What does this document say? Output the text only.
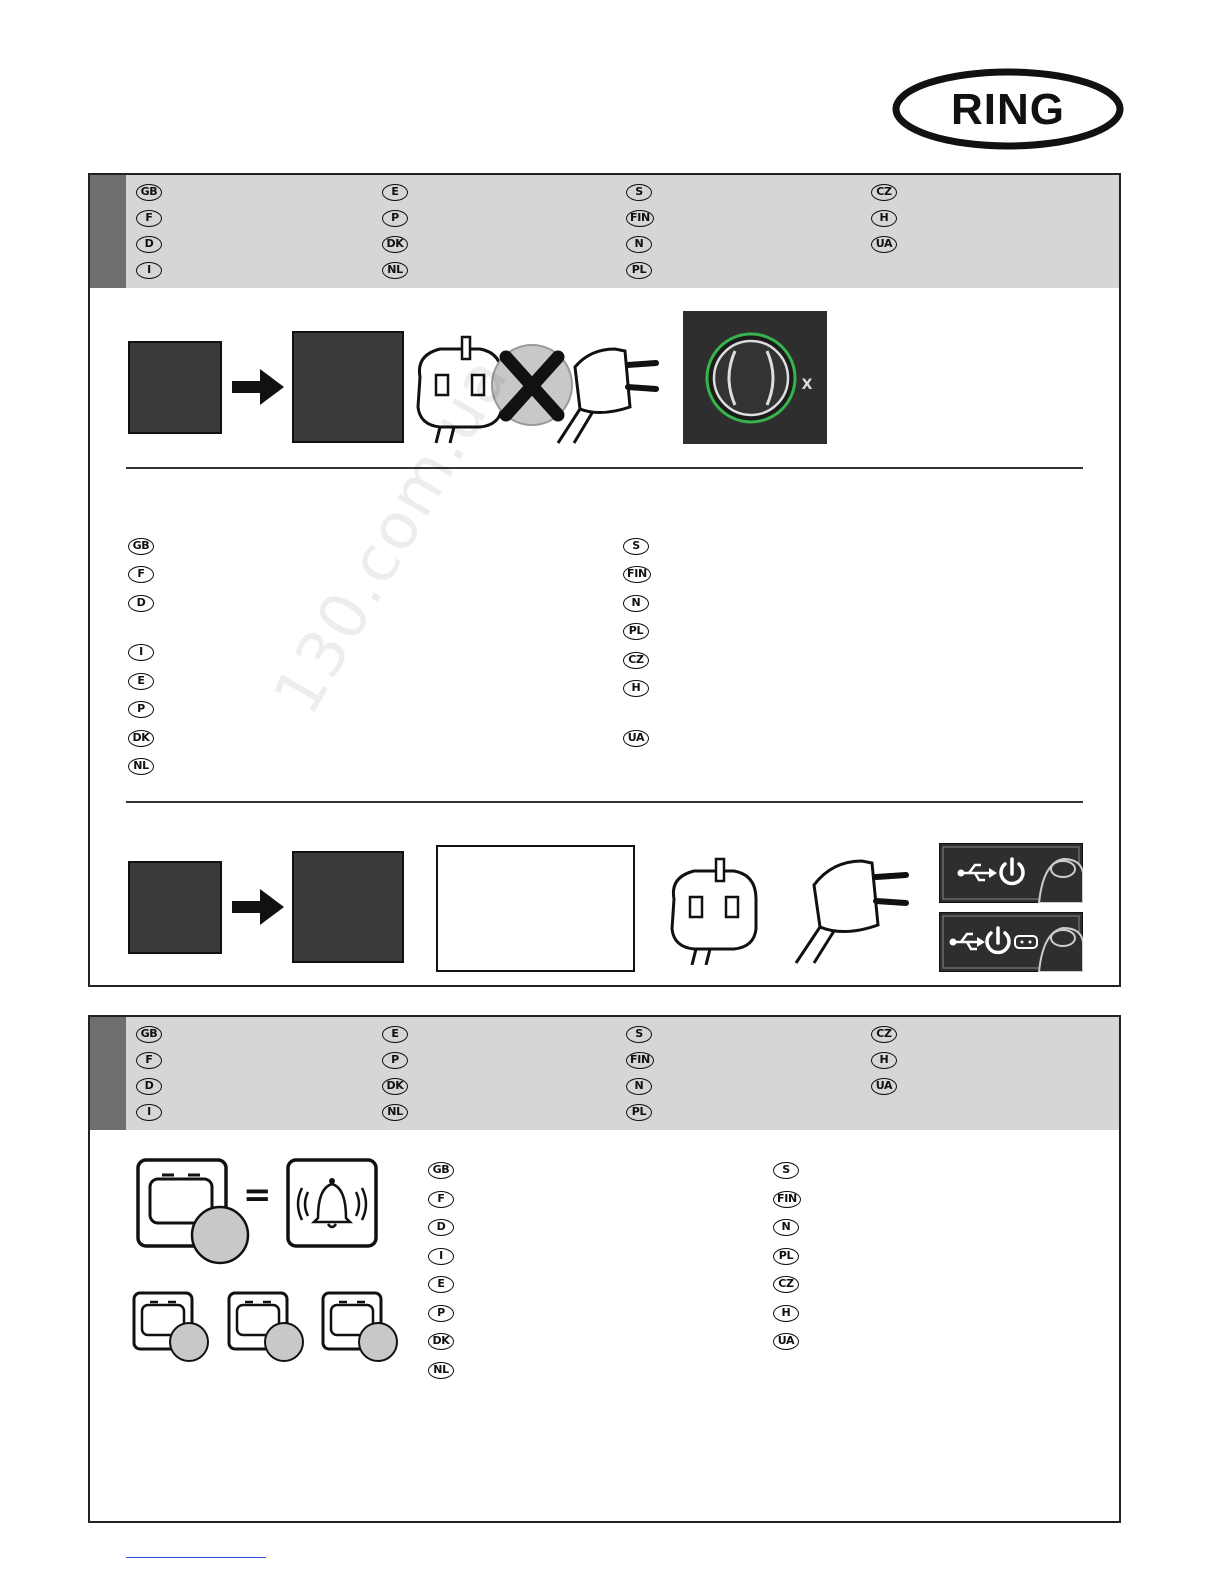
RING
GB
F
D
I
E
P
DK
NL
S
FIN
N
PL
CZ
H
UA
X
GB
F
D
I
E
P
DK
NL
S
FIN
N
PL
CZ
H
UA
GB
F
D
I
E
P
DK
NL
S
FIN
N
PL
CZ
H
UA
=
GB
F
D
I
E
P
DK
NL
S
FIN
N
PL
CZ
H
UA
